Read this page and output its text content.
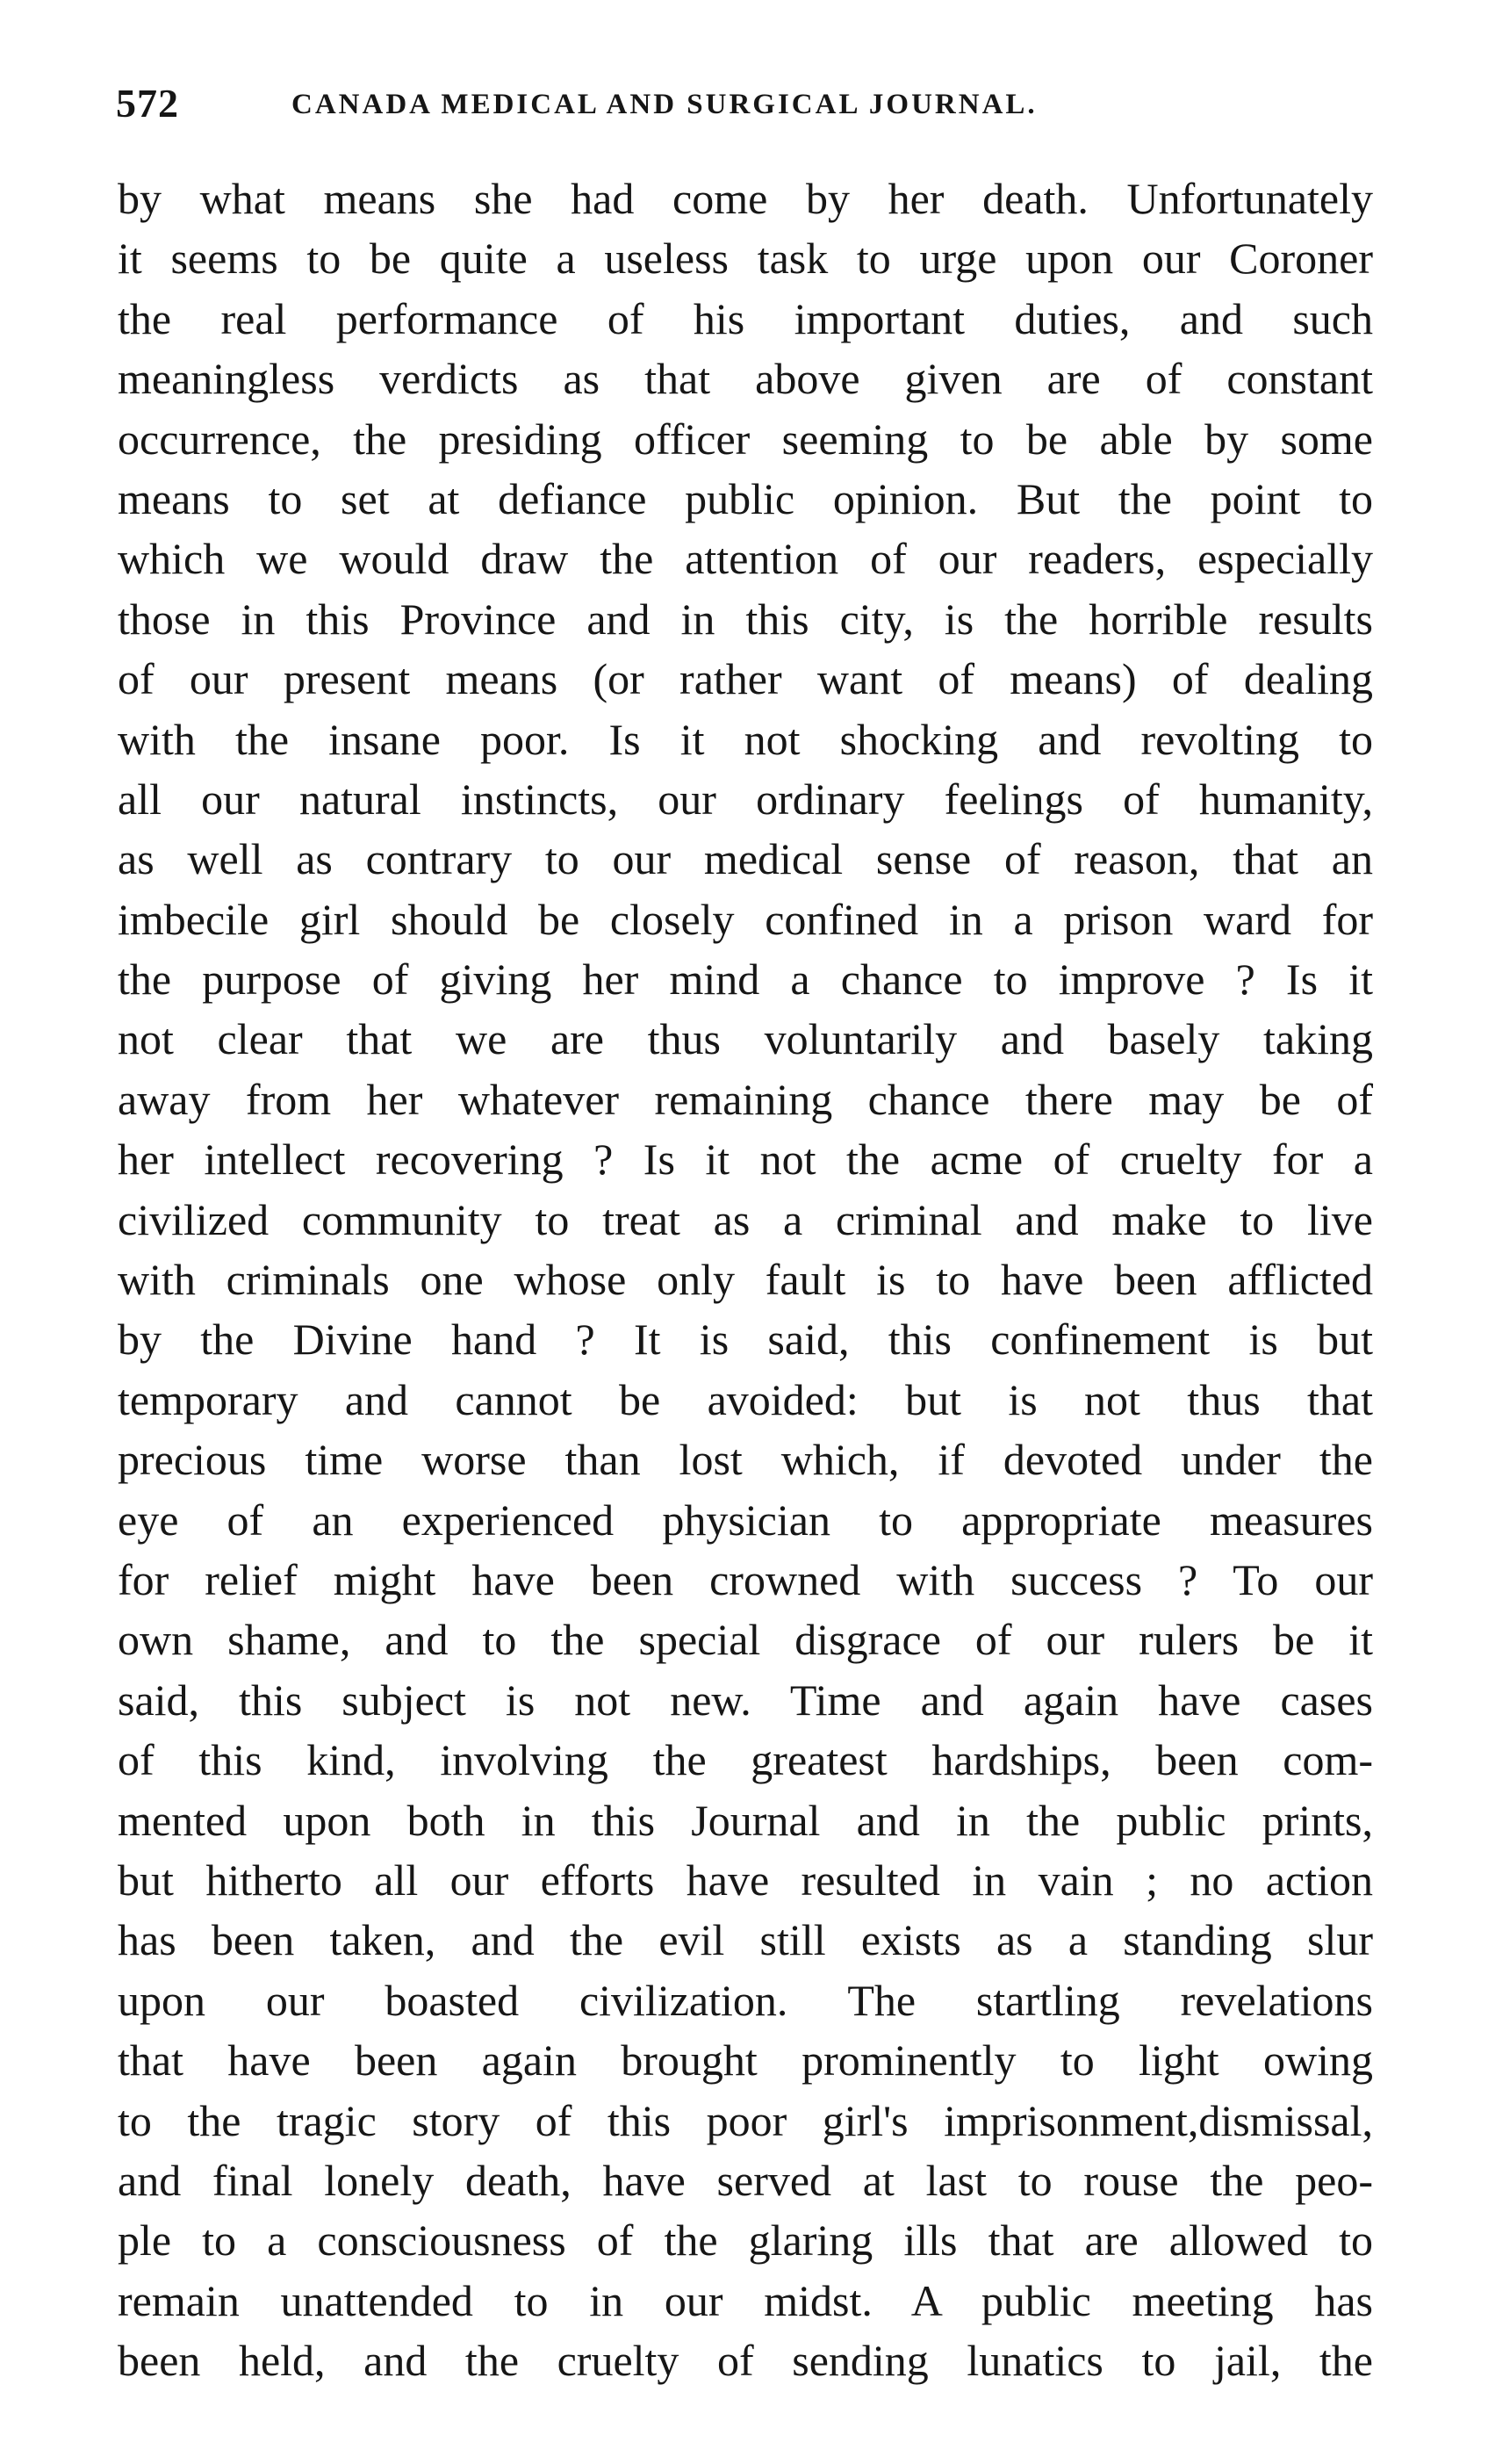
572	CANADA MEDICAL AND SURGICAL JOURNAL.
by what means she had come by her death. Unfortunately
it seems to be quite a useless task to urge upon our Coroner
the real performance of his important duties, and such
meaningless verdicts as that above given are of constant
occurrence, the presiding officer seeming to be able by some
means to set at defiance public opinion. But the point to
which we would draw the attention of our readers, especially
those in this Province and in this city, is the horrible results
of our present means (or rather want of means) of dealing
with the insane poor. Is it not shocking and revolting to
all our natural instincts, our ordinary feelings of humanity,
as well as contrary to our medical sense of reason, that an
imbecile girl should be closely confined in a prison ward for
the purpose of giving her mind a chance to improve ? Is it
not clear that we are thus voluntarily and basely taking
away from her whatever remaining chance there may be of
her intellect recovering ? Is it not the acme of cruelty for a
civilized community to treat as a criminal and make to live
with criminals one whose only fault is to have been afflicted
by the Divine hand ? It is said, this confinement is but
temporary and cannot be avoided: but is not thus that
precious time worse than lost which, if devoted under the
eye of an experienced physician to appropriate measures
for relief might have been crowned with success ? To our
own shame, and to the special disgrace of our rulers be it
said, this subject is not new. Time and again have cases
of this kind, involving the greatest hardships, been com-
mented upon both in this Journal and in the public prints,
but hitherto all our efforts have resulted in vain ; no action
has been taken, and the evil still exists as a standing slur
upon our boasted civilization. The startling revelations
that have been again brought prominently to light owing
to the tragic story of this poor girl's imprisonment,dismissal,
and final lonely death, have served at last to rouse the peo-
ple to a consciousness of the glaring ills that are allowed to
remain unattended to in our midst. A public meeting has
been held, and the cruelty of sending lunatics to jail, the
